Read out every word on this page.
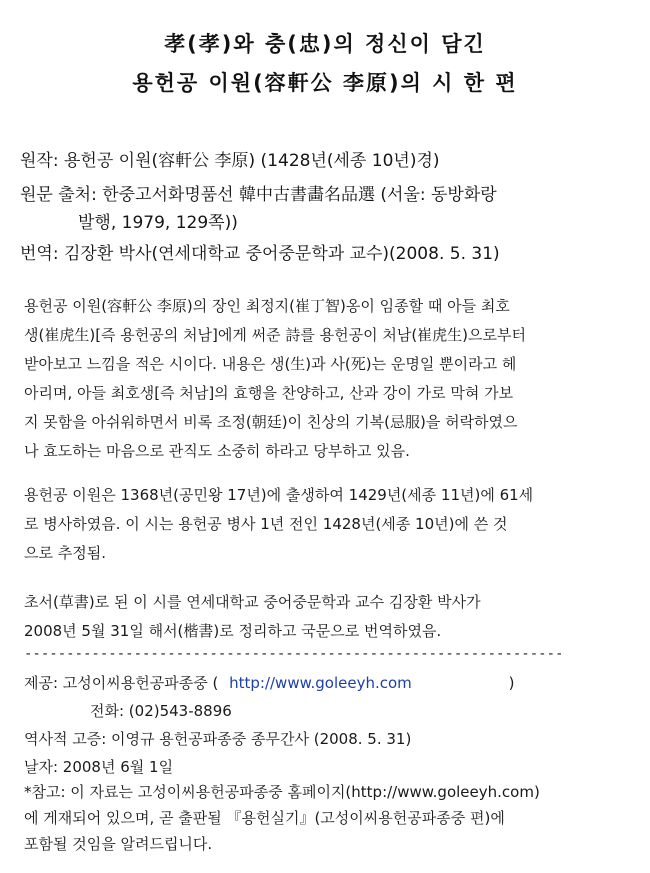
孝(孝)와 충(忠)의 정신이 담긴
용헌공 이원(容軒公 李原)의 시 한 편
원작: 용헌공 이원(容軒公 李原) (1428년(세종 10년)경)
원문 출처: 한중고서화명품선 韓中古書畵名品選 (서울: 동방화랑
발행, 1979, 129쪽))
번역: 김장환 박사(연세대학교 중어중문학과 교수)(2008. 5. 31)
용헌공 이원(容軒公 李原)의 장인 최정지(崔丁智)옹이 임종할 때 아들 최호
생(崔虎生)[즉 용헌공의 처남]에게 써준 詩를 용헌공이 처남(崔虎生)으로부터
받아보고 느낌을 적은 시이다. 내용은 생(生)과 사(死)는 운명일 뿐이라고 헤
아리며, 아들 최호생[즉 처남]의 효행을 찬양하고, 산과 강이 가로 막혀 가보
지 못함을 아쉬워하면서 비록 조정(朝廷)이 친상의 기복(忌服)을 허락하였으
나 효도하는 마음으로 관직도 소중히 하라고 당부하고 있음.
용헌공 이원은 1368년(공민왕 17년)에 출생하여 1429년(세종 11년)에 61세
로 병사하였음. 이 시는 용헌공 병사 1년 전인 1428년(세종 10년)에 쓴 것
으로 추정됨.
초서(草書)로 된 이 시를 연세대학교 중어중문학과 교수 김장환 박사가
2008년 5월 31일 해서(楷書)로 정리하고 국문으로 번역하였음.
----------------------------------------------------------------
제공: 고성이씨용헌공파종중 ( http://www.goleeyh.com	)
전화: (02)543-8896
역사적 고증: 이영규 용헌공파종중 종무간사 (2008. 5. 31)
날자: 2008년 6월 1일
*참고: 이 자료는 고성이씨용헌공파종중 홈페이지(http://www.goleeyh.com)
에 게재되어 있으며, 곧 출판될 『용헌실기』(고성이씨용헌공파종중 편)에
포함될 것임을 알려드립니다.
